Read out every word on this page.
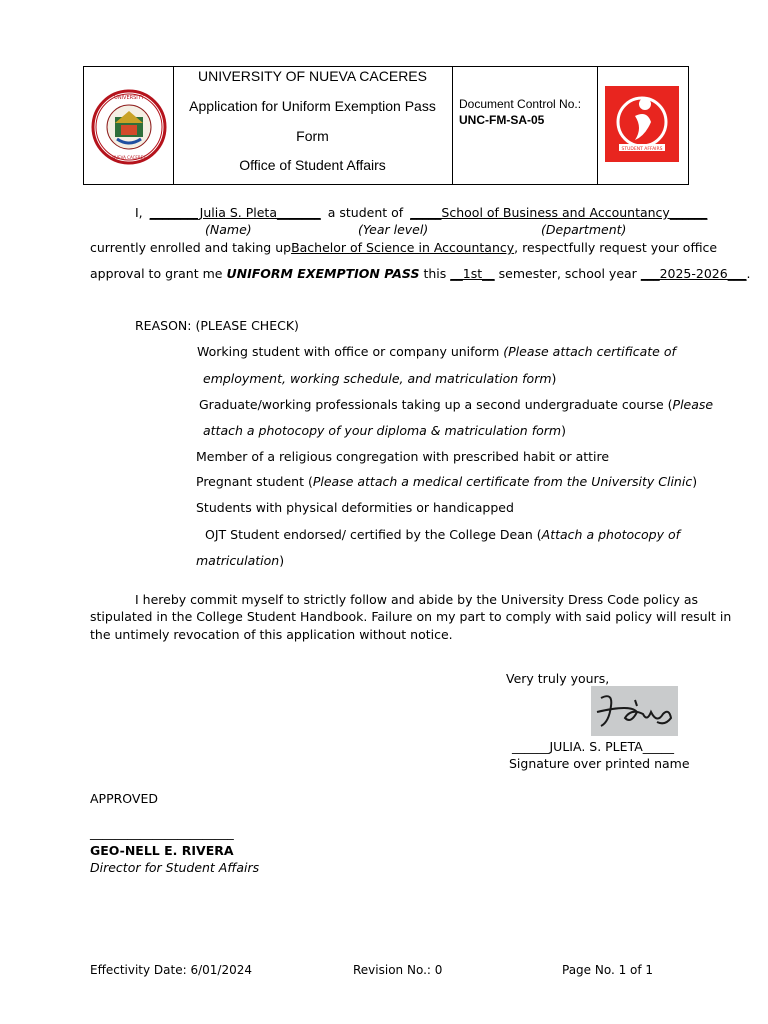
UNIVERSITY
NUEVA CACERES
UNIVERSITY OF NUEVA CACERES
Application for Uniform Exemption Pass
Form
Office of Student Affairs
Document Control No.:
UNC-FM-SA-05
STUDENT AFFAIRS
I, ________Julia S. Pleta_______ a student of _____School of Business and Accountancy______
(Name)	(Year level)	(Department)
currently enrolled and taking up Bachelor of Science in Accountancy, respectfully request your office
approval to grant me UNIFORM EXEMPTION PASS this __1st__ semester, school year ___2025-2026___.
REASON: (PLEASE CHECK)
Working student with office or company uniform (Please attach certificate of
employment, working schedule, and matriculation form)
Graduate/working professionals taking up a second undergraduate course (Please
attach a photocopy of your diploma & matriculation form)
Member of a religious congregation with prescribed habit or attire
Pregnant student (Please attach a medical certificate from the University Clinic)
Students with physical deformities or handicapped
OJT Student endorsed/ certified by the College Dean (Attach a photocopy of
matriculation)
I hereby commit myself to strictly follow and abide by the University Dress Code policy as
stipulated in the College Student Handbook. Failure on my part to comply with said policy will result in
the untimely revocation of this application without notice.
Very truly yours,
______JULIA. S. PLETA_____
Signature over printed name
APPROVED
_______________________
GEO-NELL E. RIVERA
Director for Student Affairs
Effectivity Date: 6/01/2024	Revision No.: 0	Page No. 1 of 1
